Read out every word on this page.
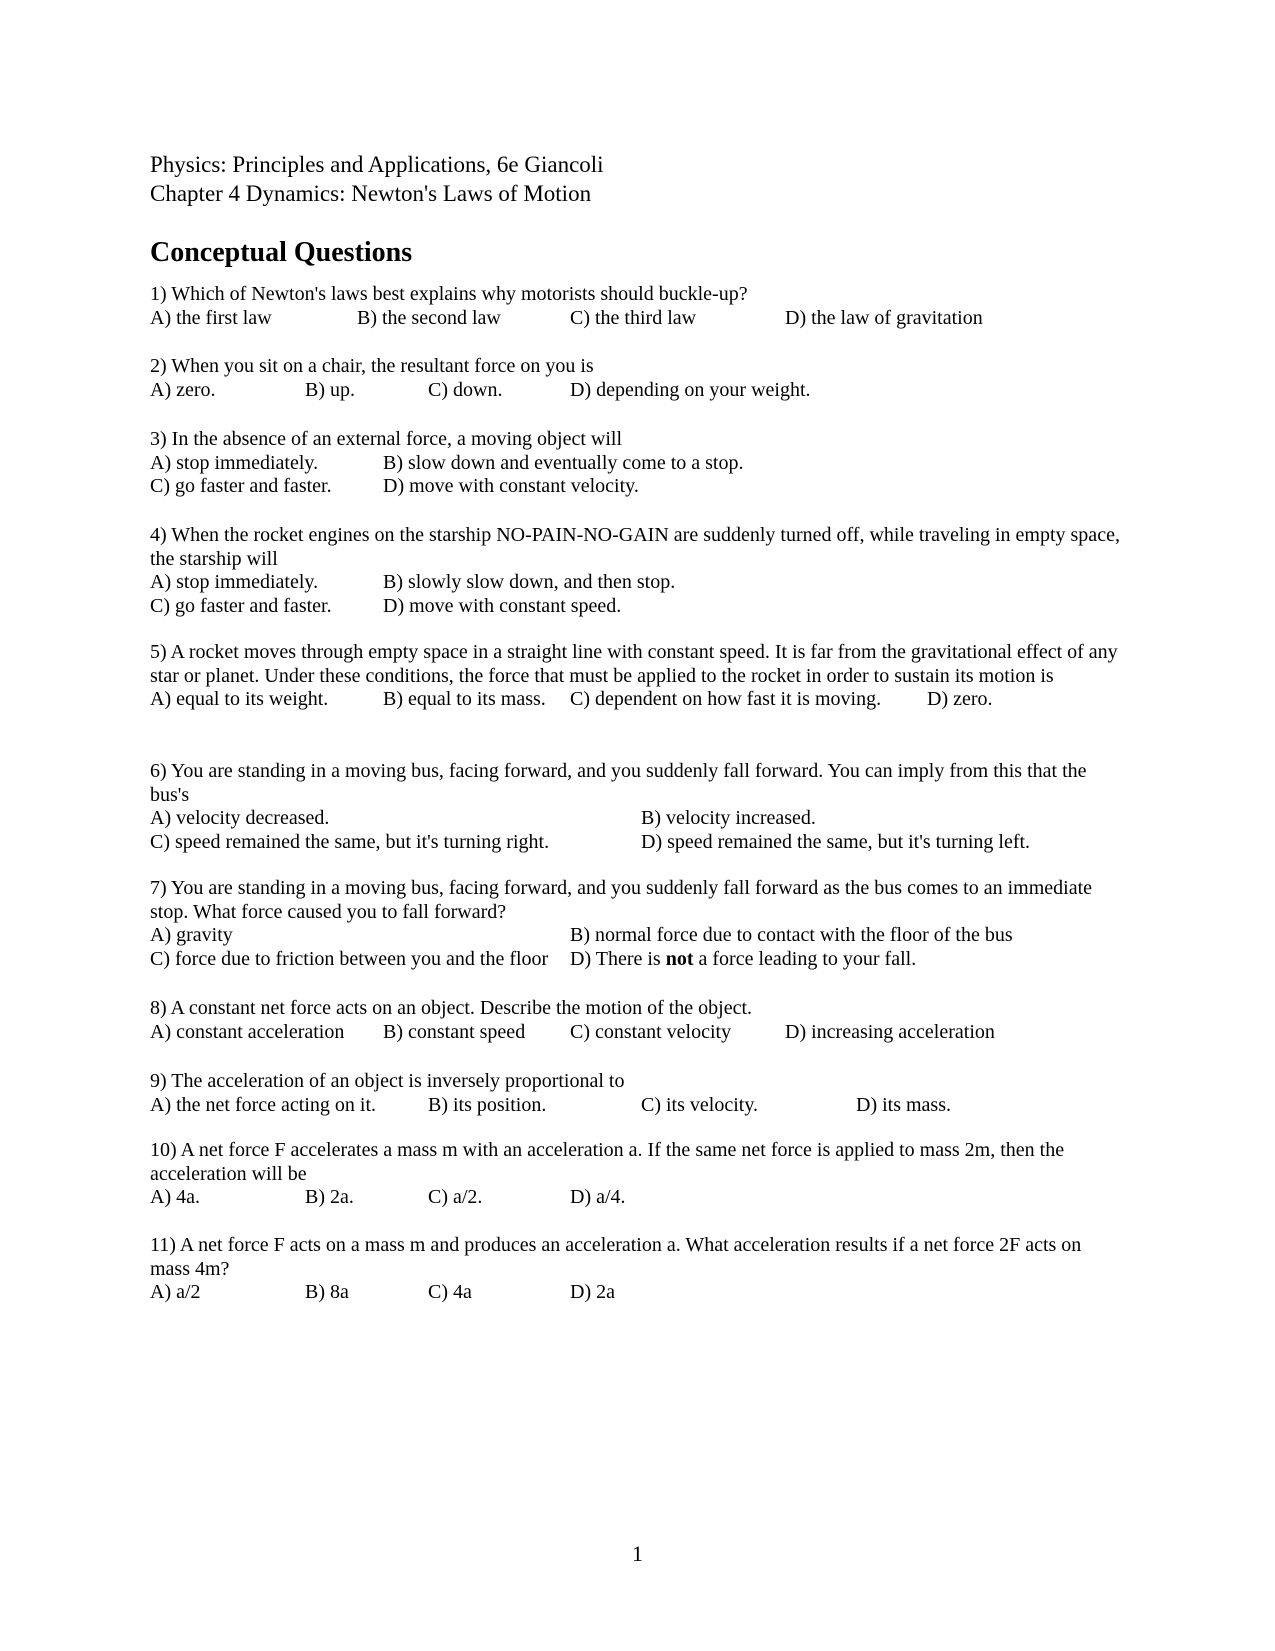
Physics: Principles and Applications, 6e Giancoli
Chapter 4 Dynamics: Newton's Laws of Motion
Conceptual Questions
1) Which of Newton's laws best explains why motorists should buckle-up?
A) the first law	B) the second law	C) the third law	D) the law of gravitation
2) When you sit on a chair, the resultant force on you is
A) zero.	B) up.	C) down.	D) depending on your weight.
3) In the absence of an external force, a moving object will
A) stop immediately.	B) slow down and eventually come to a stop.
C) go faster and faster.	D) move with constant velocity.
4) When the rocket engines on the starship NO-PAIN-NO-GAIN are suddenly turned off, while traveling in empty space, the starship will
A) stop immediately.	B) slowly slow down, and then stop.
C) go faster and faster.	D) move with constant speed.
5) A rocket moves through empty space in a straight line with constant speed. It is far from the gravitational effect of any star or planet. Under these conditions, the force that must be applied to the rocket in order to sustain its motion is
A) equal to its weight.	B) equal to its mass. C) dependent on how fast it is moving. D) zero.
6) You are standing in a moving bus, facing forward, and you suddenly fall forward. You can imply from this that the bus's
A) velocity decreased.	B) velocity increased.
C) speed remained the same, but it's turning right.	D) speed remained the same, but it's turning left.
7) You are standing in a moving bus, facing forward, and you suddenly fall forward as the bus comes to an immediate stop. What force caused you to fall forward?
A) gravity	B) normal force due to contact with the floor of the bus
C) force due to friction between you and the floor D) There is not a force leading to your fall.
8) A constant net force acts on an object. Describe the motion of the object.
A) constant acceleration B) constant speed C) constant velocity	D) increasing acceleration
9) The acceleration of an object is inversely proportional to
A) the net force acting on it.	B) its position.	C) its velocity.	D) its mass.
10) A net force F accelerates a mass m with an acceleration a. If the same net force is applied to mass 2m, then the acceleration will be
A) 4a.	B) 2a.	C) a/2.	D) a/4.
11) A net force F acts on a mass m and produces an acceleration a. What acceleration results if a net force 2F acts on mass 4m?
A) a/2	B) 8a	C) 4a	D) 2a
1
